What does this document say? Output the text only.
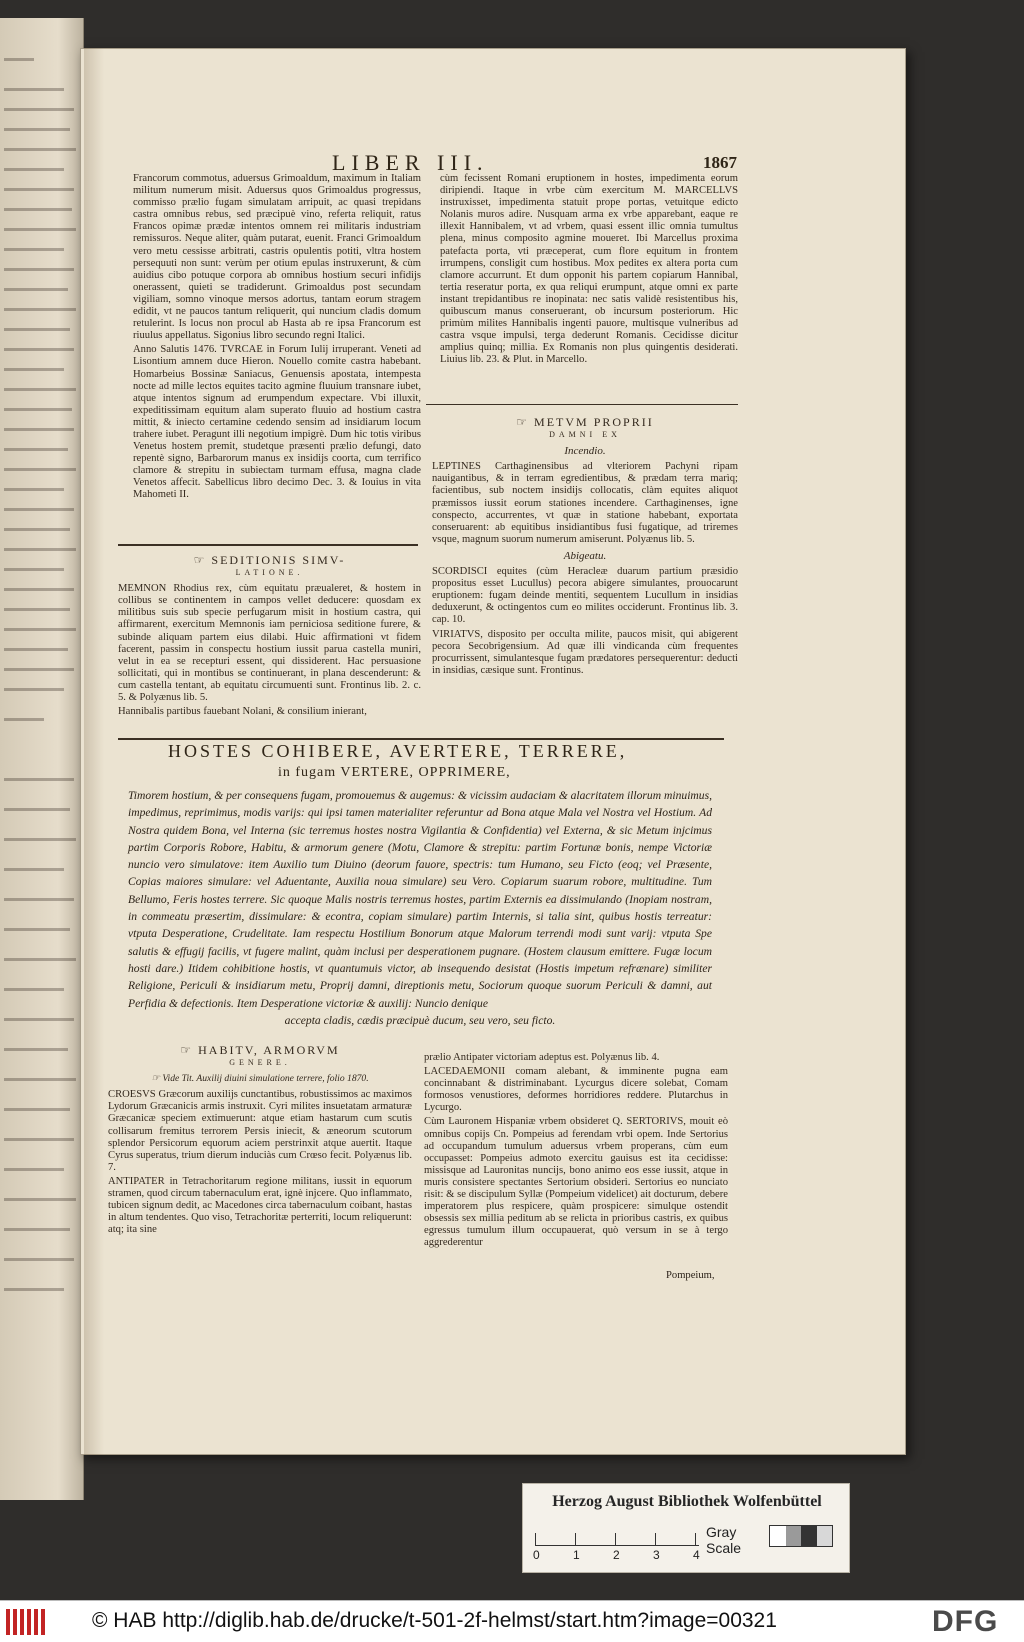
LIBER III.	1867

Francorum commotus, aduersus Grimoaldum, maximum in Italiam militum numerum misit. Aduersus quos Grimoaldus progressus, commisso prælio fugam simulatam arripuit, ac quasi trepidans castra omnibus rebus, sed præcipuè vino, referta reliquit, ratus Francos opimæ prædæ intentos omnem rei militaris industriam remissuros. Neque aliter, quàm putarat, euenit. Franci Grimoaldum vero metu cessisse arbitrati, castris opulentis potiti, vltra hostem persequuti non sunt: verùm per otium epulas instruxerunt, & cùm auidius cibo potuque corpora ab omnibus hostium securi infidijs onerassent, quieti se tradiderunt. Grimoaldus post secundam vigiliam, somno vinoque mersos adortus, tantam eorum stragem edidit, vt ne paucos tantum reliquerit, qui nuncium cladis domum retulerint. Is locus non procul ab Hasta ab re ipsa Francorum est riuulus appellatus. Sigonius libro secundo regni Italici.

Anno Salutis 1476. TVRCAE in Forum Iulij irruperant. Veneti ad Lisontium amnem duce Hieron. Nouello comite castra habebant. Homarbeius Bossinæ Saniacus, Genuensis apostata, intempesta nocte ad mille lectos equites tacito agmine fluuium transnare iubet, atque intentos signum ad erumpendum expectare. Vbi illuxit, expeditissimam equitum alam superato fluuio ad hostium castra mittit, & iniecto certamine cedendo sensim ad insidiarum locum trahere iubet. Peragunt illi negotium impigrè. Dum hic totis viribus Venetus hostem premit, studetque præsenti prælio defungi, dato repentè signo, Barbarorum manus ex insidijs coorta, cum terrifico clamore & strepitu in subiectam turmam effusa, magna clade Venetos affecit. Sabellicus libro decimo Dec. 3. & Iouius in vita Mahometi II.

☞ SEDITIONIS SIMV-
LATIONE.

MEMNON Rhodius rex, cùm equitatu præualeret, & hostem in collibus se continentem in campos vellet deducere: quosdam ex militibus suis sub specie perfugarum misit in hostium castra, qui affirmarent, exercitum Memnonis iam perniciosa seditione furere, & subinde aliquam partem eius dilabi. Huic affirmationi vt fidem facerent, passim in conspectu hostium iussit parua castella muniri, velut in ea se recepturi essent, qui dissiderent. Hac persuasione sollicitati, qui in montibus se continuerant, in plana descenderunt: & cum castella tentant, ab equitatu circumuenti sunt. Frontinus lib. 2. c. 5. & Polyænus lib. 5.

Hannibalis partibus fauebant Nolani, & consilium inierant,

cùm fecissent Romani eruptionem in hostes, impedimenta eorum diripiendi. Itaque in vrbe cùm exercitum M. MARCELLVS instruxisset, impedimenta statuit prope portas, vetuitque edicto Nolanis muros adire. Nusquam arma ex vrbe apparebant, eaque re illexit Hannibalem, vt ad vrbem, quasi essent illic omnia tumultus plena, minus composito agmine moueret. Ibi Marcellus proxima patefacta porta, vti præceperat, cum flore equitum in frontem irrumpens, consligit cum hostibus. Mox pedites ex altera porta cum clamore accurrunt. Et dum opponit his partem copiarum Hannibal, tertia reseratur porta, ex qua reliqui erumpunt, atque omni ex parte instant trepidantibus re inopinata: nec satis validè resistentibus his, quibuscum manus conseruerant, ob incursum posteriorum. Hic primùm milites Hannibalis ingenti pauore, multisque vulneribus ad castra vsque impulsi, terga dederunt Romanis. Cecidisse dicitur amplius quinq; millia. Ex Romanis non plus quingentis desiderati. Liuius lib. 23. & Plut. in Marcello.

☞ METVM PROPRII
DAMNI EX
Incendio.

LEPTINES Carthaginensibus ad vlteriorem Pachyni ripam nauigantibus, & in terram egredientibus, & prædam terra marìq; facientibus, sub noctem insidijs collocatis, clàm equites aliquot præmissos iussit eorum stationes incendere. Carthaginenses, igne conspecto, accurrentes, vt quæ in statione habebant, exportata conseruarent: ab equitibus insidiantibus fusi fugatique, ad triremes vsque, magnum suorum numerum amiserunt. Polyænus lib. 5.

Abigeatu.

SCORDISCI equites (cùm Heracleæ duarum partium præsidio propositus esset Lucullus) pecora abigere simulantes, prouocarunt eruptionem: fugam deinde mentiti, sequentem Lucullum in insidias deduxerunt, & octingentos cum eo milites occiderunt. Frontinus lib. 3. cap. 10.

VIRIATVS, disposito per occulta milite, paucos misit, qui abigerent pecora Secobrigensium. Ad quæ illi vindicanda cùm frequentes procurrissent, simulantesque fugam prædatores persequerentur: deducti in insidias, cæsique sunt. Frontinus.

HOSTES COHIBERE, AVERTERE, TERRERE,
in fugam VERTERE, OPPRIMERE,
Timorem hostium, & per consequens fugam, promouemus & augemus: & vicissim audaciam & alacritatem illorum minuimus, impedimus, reprimimus, modis varijs: qui ipsi tamen materialiter referuntur ad Bona atque Mala vel Nostra vel Hostium. Ad Nostra quidem Bona, vel Interna (sic terremus hostes nostra Vigilantia & Confidentia) vel Externa, & sic Metum injcimus partim Corporis Robore, Habitu, & armorum genere (Motu, Clamore & strepitu: partim Fortunæ bonis, nempe Victoriæ nuncio vero simulatove: item Auxilio tum Diuino (deorum fauore, spectris: tum Humano, seu Ficto (eoq; vel Præsente, Copias maiores simulare: vel Aduentante, Auxilia noua simulare) seu Vero. Copiarum suarum robore, multitudine. Tum Bellumo, Feris hostes terrere. Sic quoque Malis nostris terremus hostes, partim Externis ea dissimulando (Inopiam nostram, in commeatu præsertim, dissimulare: & econtra, copiam simulare) partim Internis, si talia sint, quibus hostis terreatur: vtputa Desperatione, Crudelitate. Iam respectu Hostilium Bonorum atque Malorum terrendi modi sunt varij: vtputa Spe salutis & effugij facilis, vt fugere malint, quàm inclusi per desperationem pugnare. (Hostem clausum emittere. Fugæ locum hosti dare.) Itidem cohibitione hostis, vt quantumuis victor, ab insequendo desistat (Hostis impetum refrænare) similiter Religione, Periculi & insidiarum metu, Proprij damni, direptionis metu, Sociorum quoque suorum Periculi & damni, aut Perfidia & defectionis. Item Desperatione victoriæ & auxilij: Nuncio denique
accepta cladis, cædis præcipuè ducum, seu vero, seu ficto.
☞ HABITV, ARMORVM
GENERE.
☞ Vide Tit. Auxilij diuini simulatione terrere, folio 1870.

CROESVS Græcorum auxilijs cunctantibus, robustissimos ac maximos Lydorum Græcanicis armis instruxit. Cyri milites insuetatam armaturæ Græcanicæ speciem extimuerunt: atque etiam hastarum cum scutis collisarum fremitus terrorem Persis iniecit, & æneorum scutorum splendor Persicorum equorum aciem perstrinxit atque auertit. Itaque Cyrus superatus, trium dierum induciàs cum Crœso fecit. Polyænus lib. 7.

ANTIPATER in Tetrachoritarum regione militans, iussit in equorum stramen, quod circum tabernaculum erat, ignè injcere. Quo inflammato, tubicen signum dedit, ac Macedones circa tabernaculum coibant, hastas in altum tendentes. Quo viso, Tetrachoritæ perterriti, locum reliquerunt: atq; ita sine

prælio Antipater victoriam adeptus est. Polyænus lib. 4.

LACEDAEMONII comam alebant, & imminente pugna eam concinnabant & distriminabant. Lycurgus dicere solebat, Comam formosos venustiores, deformes horridiores reddere. Plutarchus in Lycurgo.

Cùm Lauronem Hispaniæ vrbem obsideret Q. SERTORIVS, mouit eò omnibus copijs Cn. Pompeius ad ferendam vrbi opem. Inde Sertorius ad occupandum tumulum aduersus vrbem properans, cùm eum occupasset: Pompeius admoto exercitu gauisus est ita cecidisse: missisque ad Lauronitas nuncijs, bono animo eos esse iussit, atque in muris consistere spectantes Sertorium obsideri. Sertorius eo nunciato risit: & se discipulum Syllæ (Pompeium videlicet) ait docturum, debere imperatorem plus respicere, quàm prospicere: simulque ostendit obsessis sex millia peditum ab se relicta in prioribus castris, ex quibus egressus tumulum illum occupauerat, quò versum in se à tergo aggrederentur

Pompeium,
Herzog August Bibliothek Wolfenbüttel
0	1	2	3	4
Gray Scale
© HAB http://diglib.hab.de/drucke/t-501-2f-helmst/start.htm?image=00321	DFG
